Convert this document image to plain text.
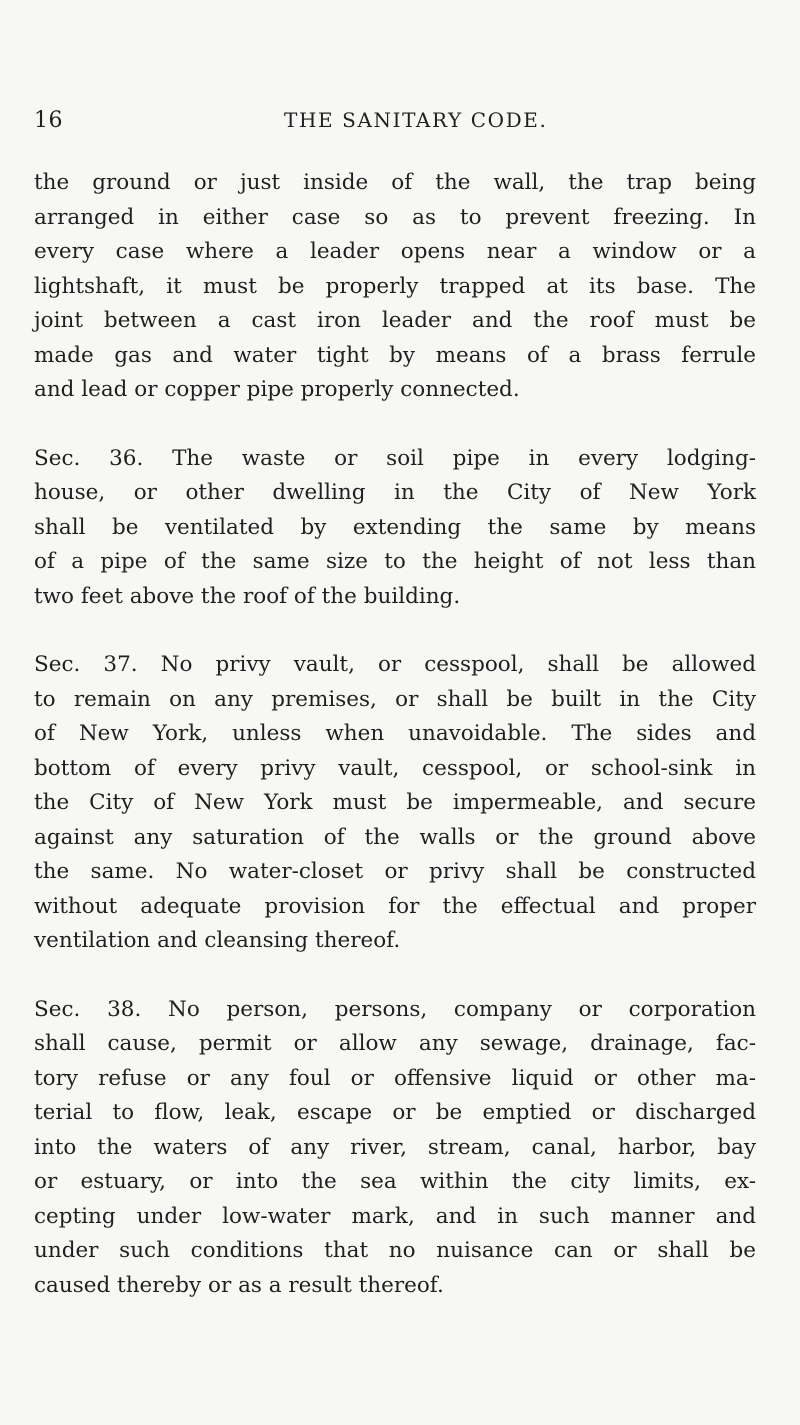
16	THE SANITARY CODE.
the ground or just inside of the wall, the trap being
arranged in either case so as to prevent freezing. In
every case where a leader opens near a window or a
lightshaft, it must be properly trapped at its base. The
joint between a cast iron leader and the roof must be
made gas and water tight by means of a brass ferrule
and lead or copper pipe properly connected.
Sec. 36. The waste or soil pipe in every lodging-
house, or other dwelling in the City of New York
shall be ventilated by extending the same by means
of a pipe of the same size to the height of not less than
two feet above the roof of the building.
Sec. 37. No privy vault, or cesspool, shall be allowed
to remain on any premises, or shall be built in the City
of New York, unless when unavoidable. The sides and
bottom of every privy vault, cesspool, or school-sink in
the City of New York must be impermeable, and secure
against any saturation of the walls or the ground above
the same. No water-closet or privy shall be constructed
without adequate provision for the effectual and proper
ventilation and cleansing thereof.
Sec. 38. No person, persons, company or corporation
shall cause, permit or allow any sewage, drainage, fac-
tory refuse or any foul or offensive liquid or other ma-
terial to flow, leak, escape or be emptied or discharged
into the waters of any river, stream, canal, harbor, bay
or estuary, or into the sea within the city limits, ex-
cepting under low-water mark, and in such manner and
under such conditions that no nuisance can or shall be
caused thereby or as a result thereof.
